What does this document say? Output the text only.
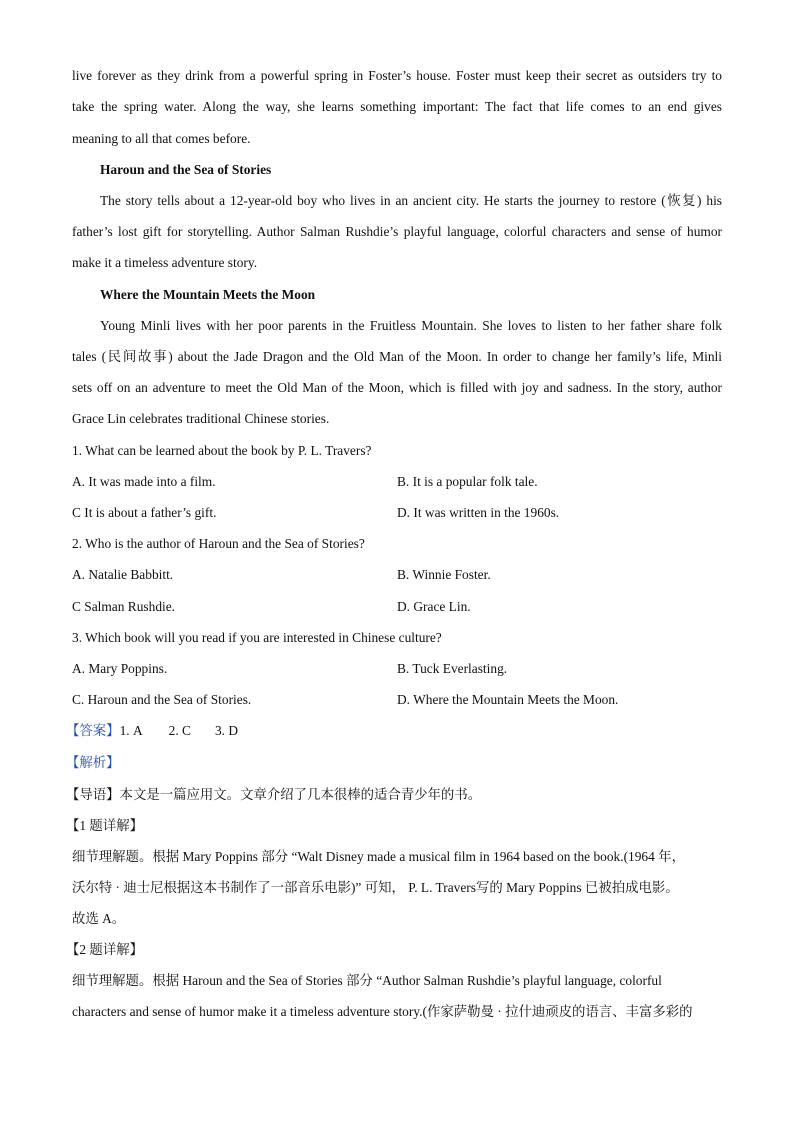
live forever as they drink from a powerful spring in Foster’s house. Foster must keep their secret as outsiders try to
take the spring water. Along the way, she learns something important: The fact that life comes to an end gives
meaning to all that comes before.
Haroun and the Sea of Stories
The story tells about a 12-year-old boy who lives in an ancient city. He starts the journey to restore (恢复) his
father’s lost gift for storytelling. Author Salman Rushdie’s playful language, colorful characters and sense of humor
make it a timeless adventure story.
Where the Mountain Meets the Moon
Young Minli lives with her poor parents in the Fruitless Mountain. She loves to listen to her father share folk
tales (民间故事) about the Jade Dragon and the Old Man of the Moon. In order to change her family’s life, Minli
sets off on an adventure to meet the Old Man of the Moon, which is filled with joy and sadness. In the story, author
Grace Lin celebrates traditional Chinese stories.
1. What can be learned about the book by P. L. Travers?
A. It was made into a film.	B. It is a popular folk tale.
C It is about a father’s gift.	D. It was written in the 1960s.
2. Who is the author of Haroun and the Sea of Stories?
A. Natalie Babbitt.	B. Winnie Foster.
C Salman Rushdie.	D. Grace Lin.
3. Which book will you read if you are interested in Chinese culture?
A. Mary Poppins.	B. Tuck Everlasting.
C. Haroun and the Sea of Stories.	D. Where the Mountain Meets the Moon.
【答案】1. A 2. C 3. D
【解析】
【导语】本文是一篇应用文。文章介绍了几本很棒的适合青少年的书。
【1 题详解】
细节理解题。根据 Mary Poppins 部分 “Walt Disney made a musical film in 1964 based on the book.(1964 年，
沃尔特 · 迪士尼根据这本书制作了一部音乐电影)” 可知， P. L. Travers写的 Mary Poppins 已被拍成电影。
故选 A。
【2 题详解】
细节理解题。根据 Haroun and the Sea of Stories 部分 “Author Salman Rushdie’s playful language, colorful
characters and sense of humor make it a timeless adventure story.(作家萨勒曼 · 拉什迪顽皮的语言、丰富多彩的
